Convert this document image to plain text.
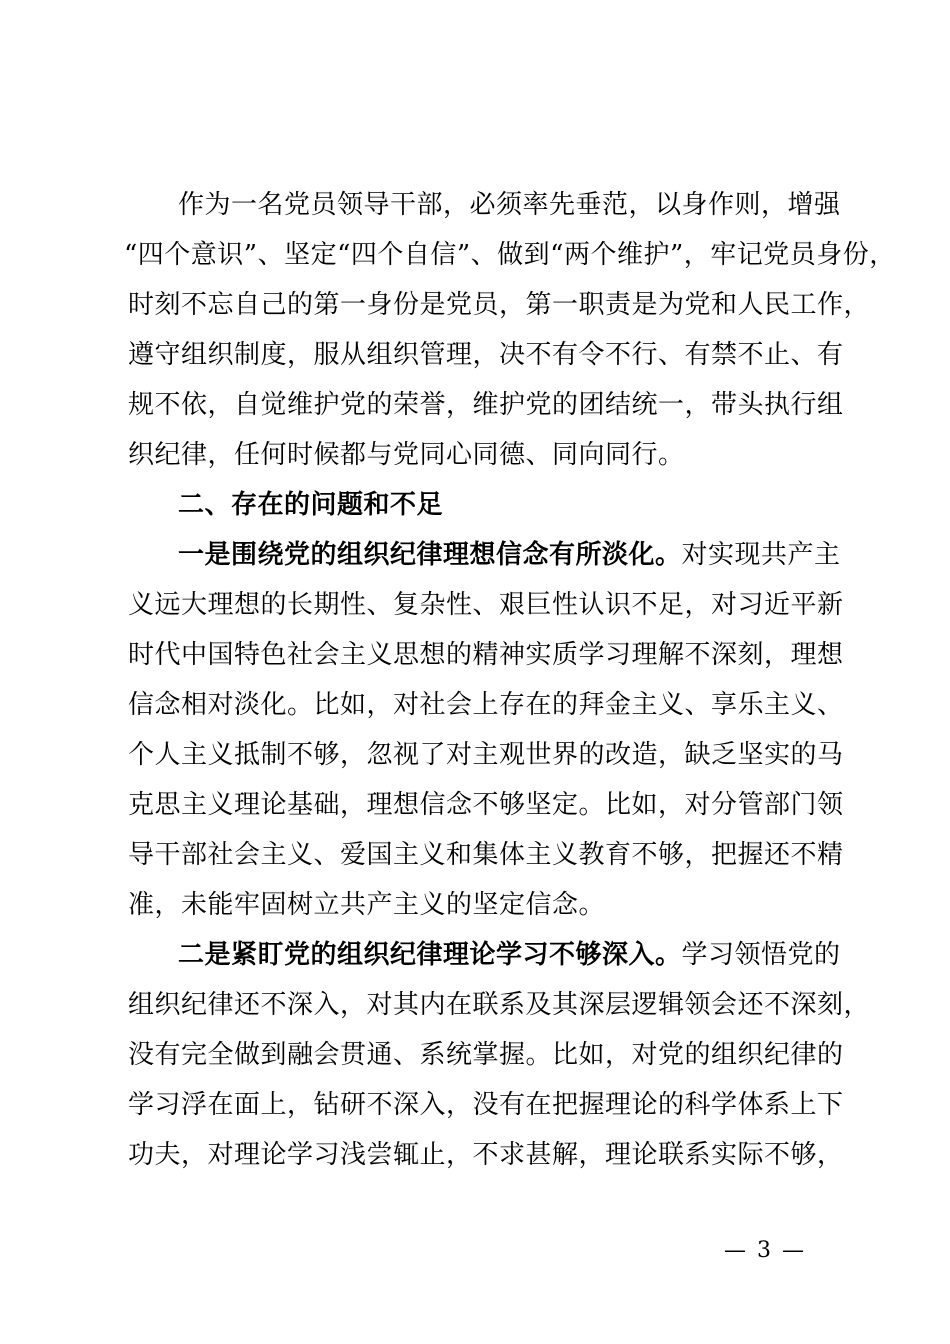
作为一名党员领导干部，必须率先垂范，以身作则，增强
“四个意识”、坚定“四个自信”、做到“两个维护”，牢记党员身份，
时刻不忘自己的第一身份是党员，第一职责是为党和人民工作，
遵守组织制度，服从组织管理，决不有令不行、有禁不止、有
规不依，自觉维护党的荣誉，维护党的团结统一，带头执行组
织纪律，任何时候都与党同心同德、同向同行。
二、存在的问题和不足
一是围绕党的组织纪律理想信念有所淡化。对实现共产主
义远大理想的长期性、复杂性、艰巨性认识不足，对习近平新
时代中国特色社会主义思想的精神实质学习理解不深刻，理想
信念相对淡化。比如，对社会上存在的拜金主义、享乐主义、
个人主义抵制不够，忽视了对主观世界的改造，缺乏坚实的马
克思主义理论基础，理想信念不够坚定。比如，对分管部门领
导干部社会主义、爱国主义和集体主义教育不够，把握还不精
准，未能牢固树立共产主义的坚定信念。
二是紧盯党的组织纪律理论学习不够深入。学习领悟党的
组织纪律还不深入，对其内在联系及其深层逻辑领会还不深刻，
没有完全做到融会贯通、系统掌握。比如，对党的组织纪律的
学习浮在面上，钻研不深入，没有在把握理论的科学体系上下
功夫，对理论学习浅尝辄止，不求甚解，理论联系实际不够，
— 3 —
